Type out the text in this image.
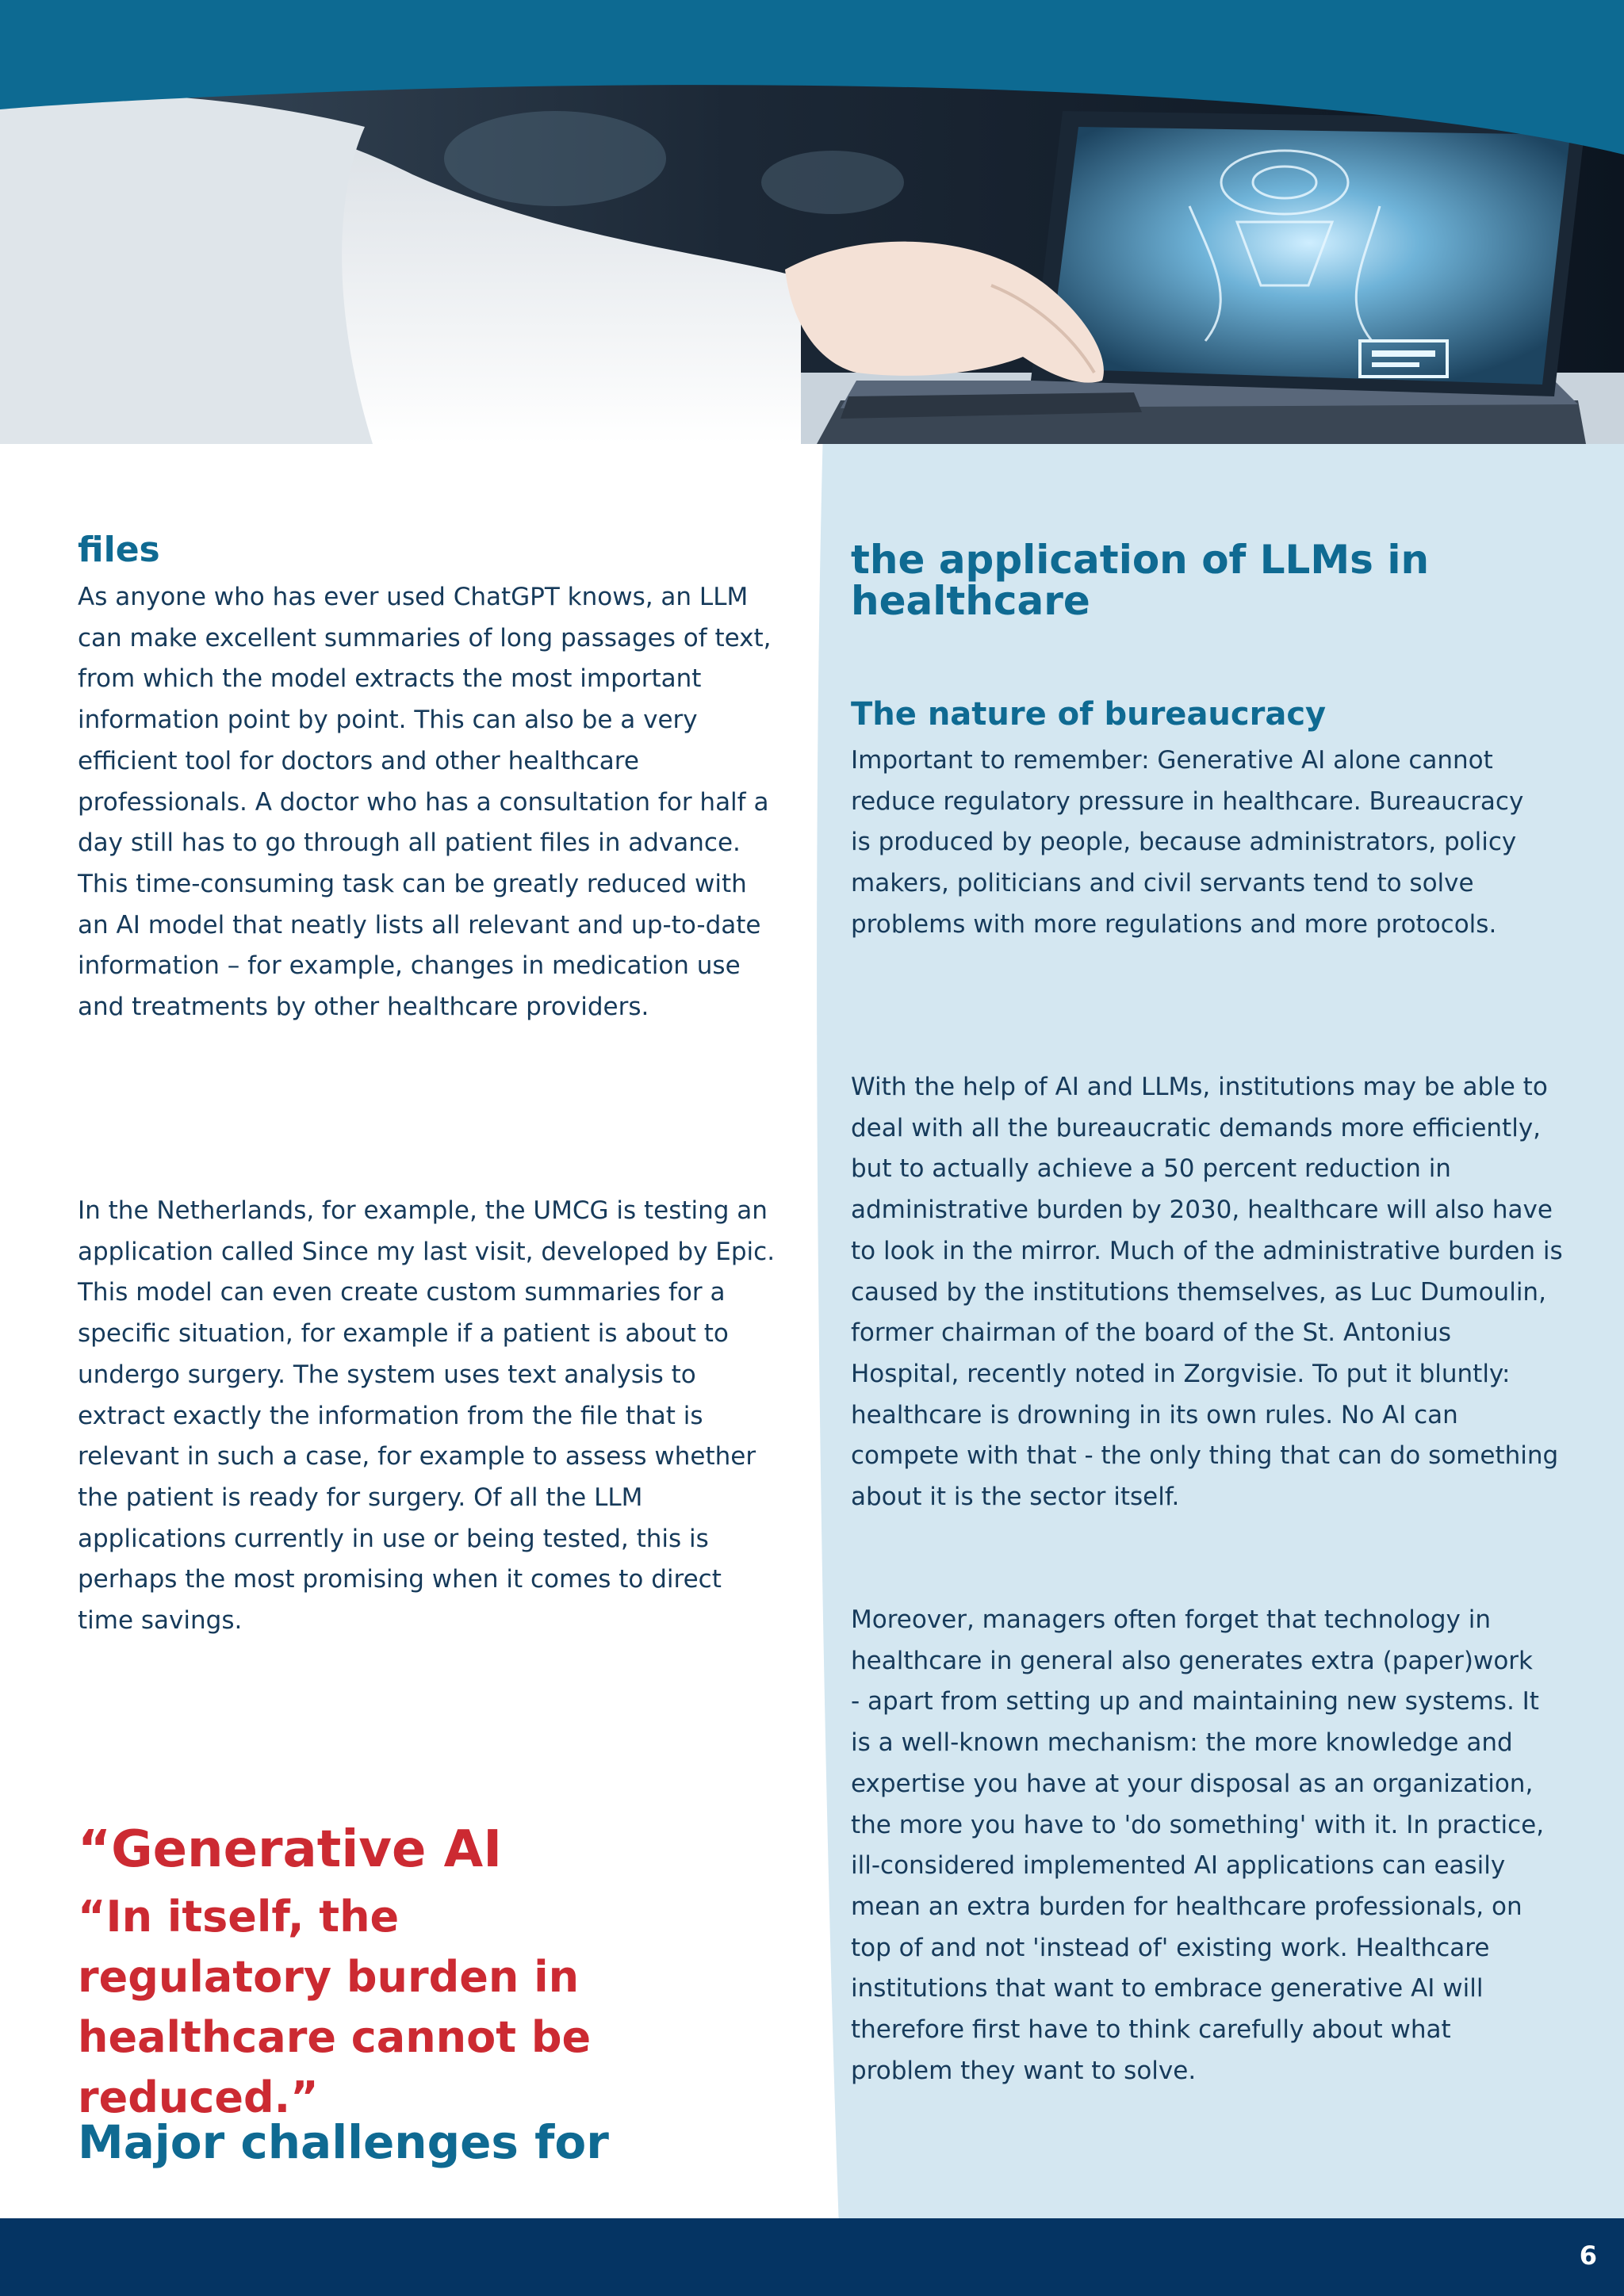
files

As anyone who has ever used ChatGPT knows, an LLM can make excellent summaries of long passages of text, from which the model extracts the most important information point by point. This can also be a very efficient tool for doctors and other healthcare professionals. A doctor who has a consultation for half a day still has to go through all patient files in advance. This time-consuming task can be greatly reduced with an AI model that neatly lists all relevant and up-to-date information – for example, changes in medication use and treatments by other healthcare providers.

In the Netherlands, for example, the UMCG is testing an application called Since my last visit, developed by Epic. This model can even create custom summaries for a specific situation, for example if a patient is about to undergo surgery. The system uses text analysis to extract exactly the information from the file that is relevant in such a case, for example to assess whether the patient is ready for surgery. Of all the LLM applications currently in use or being tested, this is perhaps the most promising when it comes to direct time savings.

“Generative AI

“In itself, the regulatory burden in healthcare cannot be reduced.”

Major challenges for
the application of LLMs in healthcare
The nature of bureaucracy

Important to remember: Generative AI alone cannot reduce regulatory pressure in healthcare. Bureaucracy is produced by people, because administrators, policy makers, politicians and civil servants tend to solve problems with more regulations and more protocols.

With the help of AI and LLMs, institutions may be able to deal with all the bureaucratic demands more efficiently, but to actually achieve a 50 percent reduction in administrative burden by 2030, healthcare will also have to look in the mirror. Much of the administrative burden is caused by the institutions themselves, as Luc Dumoulin, former chairman of the board of the St. Antonius Hospital, recently noted in Zorgvisie. To put it bluntly: healthcare is drowning in its own rules. No AI can compete with that - the only thing that can do something about it is the sector itself.

Moreover, managers often forget that technology in healthcare in general also generates extra (paper)work - apart from setting up and maintaining new systems. It is a well-known mechanism: the more knowledge and expertise you have at your disposal as an organization, the more you have to 'do something' with it. In practice, ill-considered implemented AI applications can easily mean an extra burden for healthcare professionals, on top of and not 'instead of' existing work. Healthcare institutions that want to embrace generative AI will therefore first have to think carefully about what problem they want to solve.

6
